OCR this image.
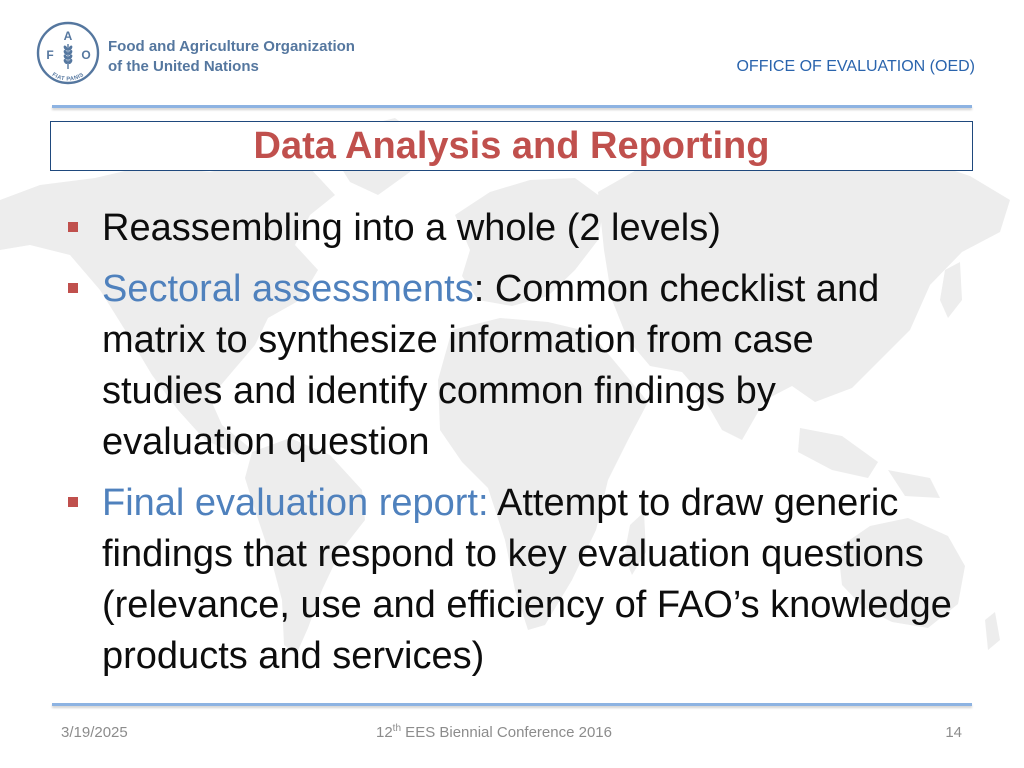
F
A
O
FIAT PANIS
Food and Agriculture Organization
of the United Nations	OFFICE OF EVALUATION (OED)
Data Analysis and Reporting
Reassembling into a whole (2 levels)
Sectoral assessments: Common checklist and
matrix to synthesize information from case
studies and identify common findings by
evaluation question
Final evaluation report: Attempt to draw generic
findings that respond to key evaluation questions
(relevance, use and efficiency of FAO’s knowledge
products and services)
3/19/2025	12th EES Biennial Conference 2016	14
